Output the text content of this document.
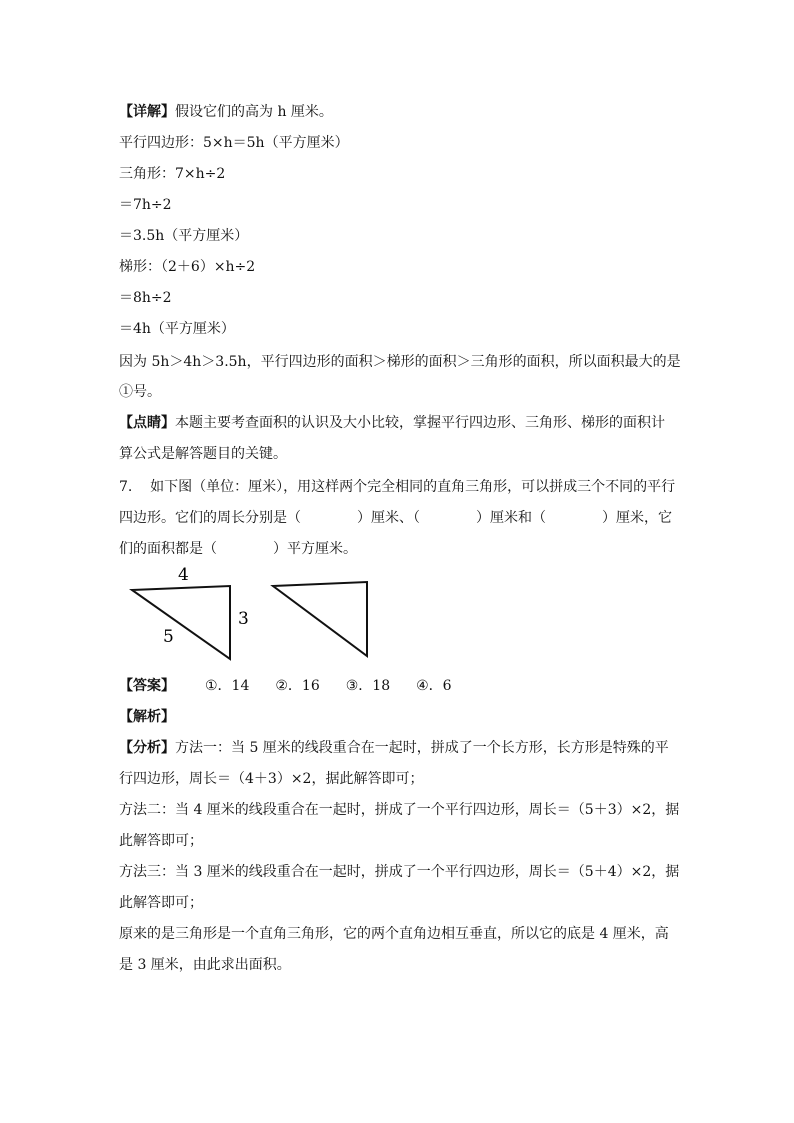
【详解】假设它们的高为 h 厘米。
平行四边形：5×h＝5h（平方厘米）
三角形：7×h÷2
＝7h÷2
＝3.5h（平方厘米）
梯形：（2＋6）×h÷2
＝8h÷2
＝4h（平方厘米）
因为 5h＞4h＞3.5h，平行四边形的面积＞梯形的面积＞三角形的面积，所以面积最大的是
①号。
【点睛】本题主要考查面积的认识及大小比较，掌握平行四边形、三角形、梯形的面积计
算公式是解答题目的关键。
7. 如下图（单位：厘米），用这样两个完全相同的直角三角形，可以拼成三个不同的平行
四边形。它们的周长分别是（　　　　）厘米、（　　　　）厘米和（　　　　）厘米，它
们的面积都是（　　　　）平方厘米。
4
3
5
【答案】 ①．14 ②．16 ③．18 ④．6
【解析】
【分析】方法一：当 5 厘米的线段重合在一起时，拼成了一个长方形，长方形是特殊的平
行四边形，周长＝（4＋3）×2，据此解答即可；
方法二：当 4 厘米的线段重合在一起时，拼成了一个平行四边形，周长＝（5＋3）×2，据
此解答即可；
方法三：当 3 厘米的线段重合在一起时，拼成了一个平行四边形，周长＝（5＋4）×2，据
此解答即可；
原来的是三角形是一个直角三角形，它的两个直角边相互垂直，所以它的底是 4 厘米，高
是 3 厘米，由此求出面积。
